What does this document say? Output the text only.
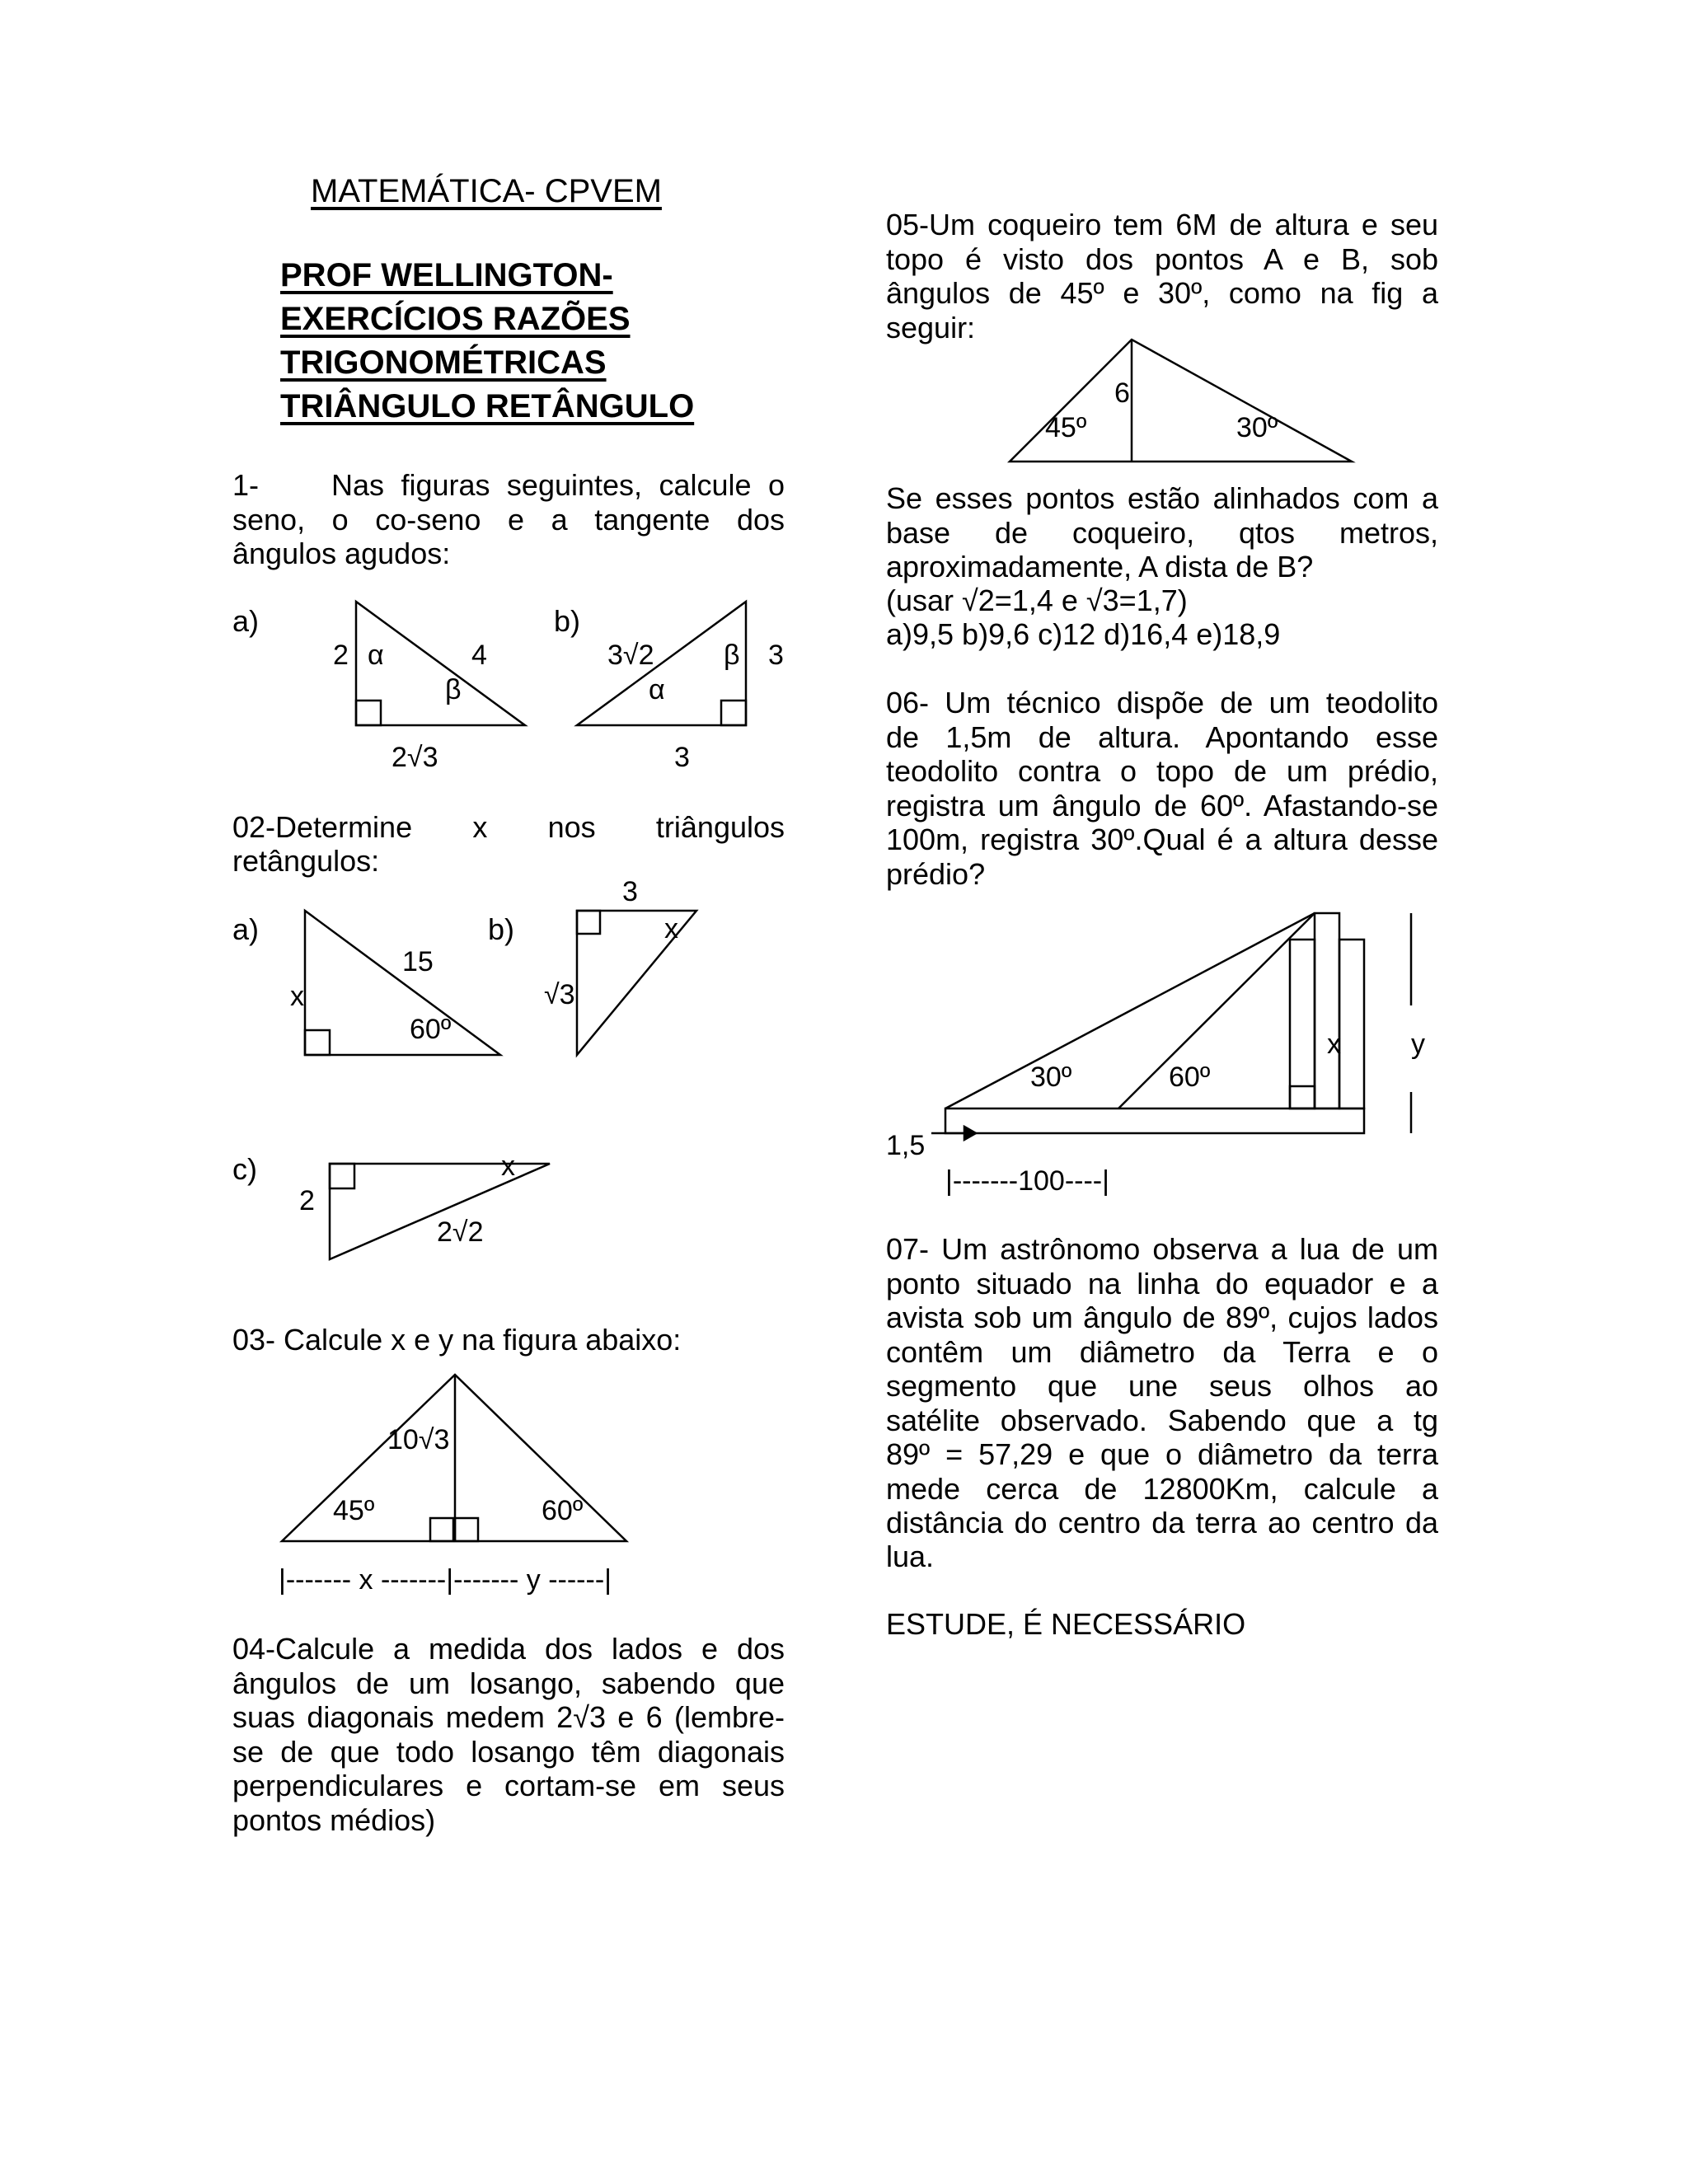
MATEMÁTICA- CPVEM
PROF WELLINGTON-
EXERCÍCIOS RAZÕES
TRIGONOMÉTRICAS
TRIÂNGULO RETÂNGULO
1- Nas figuras seguintes, calcule o
seno, o co-seno e a tangente dos
ângulos agudos:
a)	b)
2 α	4
β
2√3
3√2 β 3
α
3
02-Determine x nos triângulos
retângulos:
a)	b)
c)
x
15
60º
3
x
√3
2
x
2√2
03- Calcule x e y na figura abaixo:
10√3
45º	60º
|------- x -------|------- y ------|
04-Calcule a medida dos lados e dos
ângulos de um losango, sabendo que
suas diagonais medem 2√3 e 6 (lembre-
se de que todo losango têm diagonais
perpendiculares e cortam-se em seus
pontos médios)
05-Um coqueiro tem 6M de altura e seu
topo é visto dos pontos A e B, sob
ângulos de 45º e 30º, como na fig a
seguir:
6
45º	30º
Se esses pontos estão alinhados com a
base de coqueiro, qtos metros,
aproximadamente, A dista de B?
(usar √2=1,4 e √3=1,7)
a)9,5 b)9,6 c)12 d)16,4 e)18,9
06- Um técnico dispõe de um teodolito
de 1,5m de altura. Apontando esse
teodolito contra o topo de um prédio,
registra um ângulo de 60º. Afastando-se
100m, registra 30º.Qual é a altura desse
prédio?
30º	60º
x	y
1,5
|-------100----|
07- Um astrônomo observa a lua de um
ponto situado na linha do equador e a
avista sob um ângulo de 89º, cujos lados
contêm um diâmetro da Terra e o
segmento que une seus olhos ao
satélite observado. Sabendo que a tg
89º = 57,29 e que o diâmetro da terra
mede cerca de 12800Km, calcule a
distância do centro da terra ao centro da
lua.
ESTUDE, É NECESSÁRIO
